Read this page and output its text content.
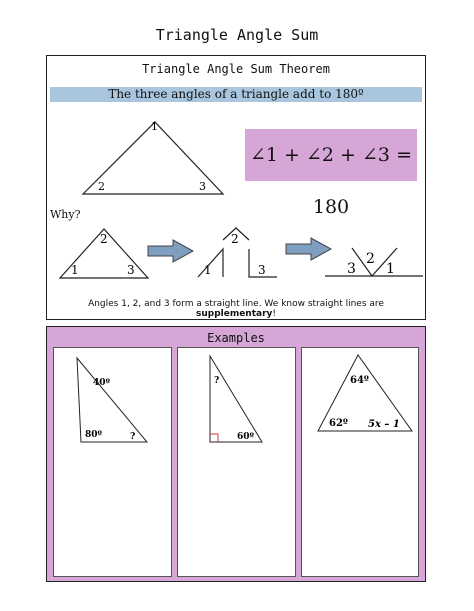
Triangle Angle Sum
Triangle Angle Sum Theorem
The three angles of a triangle add to 180º
1
2	3
2
1	3
2
1	3	3
2
1
∠1 + ∠2 + ∠3 = 180
Why?
Angles 1, 2, and 3 form a straight line. We know straight lines are supplementary!
Examples
40º
80º	?
?
60º
64º
62º 5x – 1
